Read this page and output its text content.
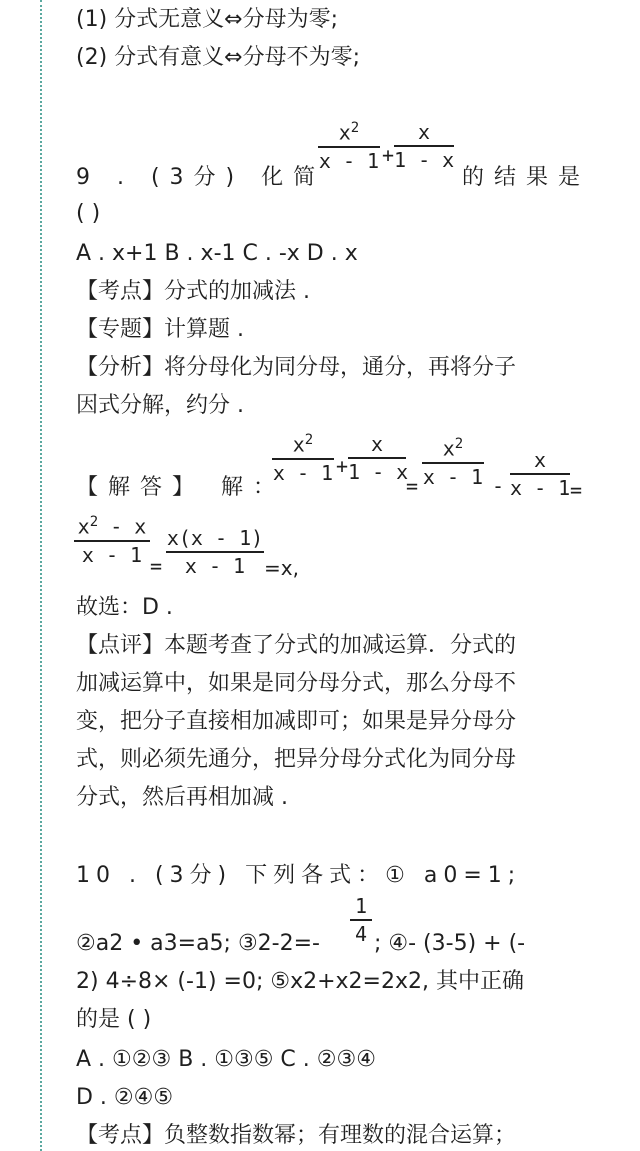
(1) 分式无意义⇔分母为零;
(2) 分式有意义⇔分母不为零;
9 . (3分) 化简
$x^2$
x - 1 +
x
1 - x
的结果是
( )
A . x+1 B . x-1 C . -x D . x
【考点】分式的加减法 .
【专题】计算题 .
【分析】将分母化为同分母，通分，再将分子
因式分解，约分 .
【解答】 解：
$x^2$
x - 1 +
x
1 - x
=
$x^2$
x - 1 -
x
x - 1 =
$x^2$ - x
x - 1 =
x(x - 1)
x - 1 =x,
故选：D .
【点评】本题考查了分式的加减运算．分式的
加减运算中，如果是同分母分式，那么分母不
变，把分子直接相加减即可；如果是异分母分
式，则必须先通分，把异分母分式化为同分母
分式，然后再相加减 .
10 . (3分) 下列各式：① a0=1;
②a2 • a3=a5; ③2-2=-
1
4 ; ④- (3-5) + (-
2) 4÷8× (-1) =0; ⑤x2+x2=2x2, 其中正确
的是 ( )
A . ①②③ B . ①③⑤ C . ②③④
D . ②④⑤
【考点】负整数指数幂；有理数的混合运算；
